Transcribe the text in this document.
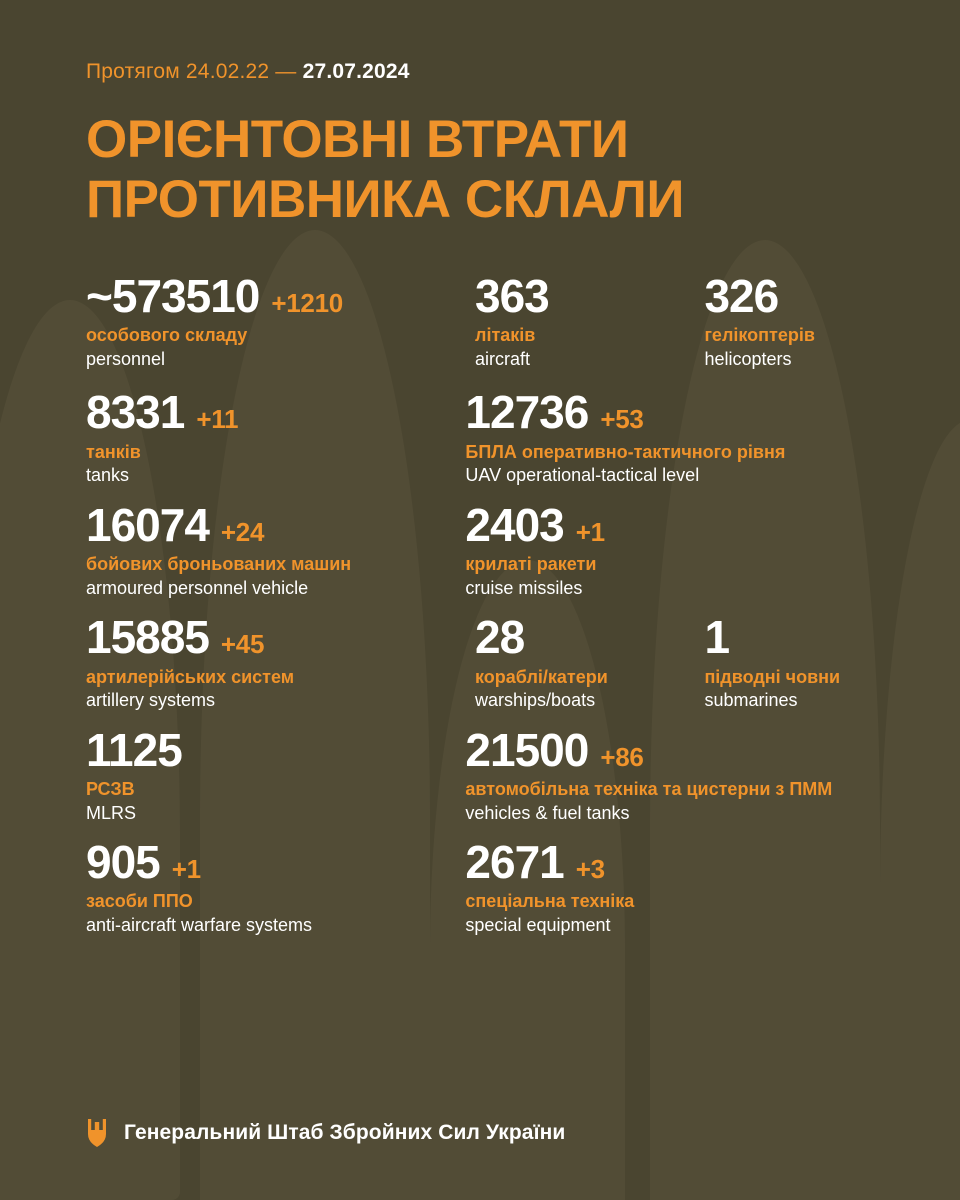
Протягом 24.02.22 — 27.07.2024
ОРІЄНТОВНІ ВТРАТИ
ПРОТИВНИКА СКЛАЛИ
~573510 +1210
особового складу
personnel
363
літаків
aircraft
326
гелікоптерів
helicopters
8331 +11
танків
tanks
12736 +53
БПЛА оперативно-тактичного рівня
UAV operational-tactical level
16074 +24
бойових броньованих машин
armoured personnel vehicle
2403 +1
крилаті ракети
cruise missiles
15885 +45
артилерійських систем
artillery systems
28
кораблі/катери
warships/boats
1
підводні човни
submarines
1125
РСЗВ
MLRS
21500 +86
автомобільна техніка та цистерни з ПММ
vehicles & fuel tanks
905 +1
засоби ППО
anti-aircraft warfare systems
2671 +3
спеціальна техніка
special equipment
Генеральний Штаб Збройних Сил України
